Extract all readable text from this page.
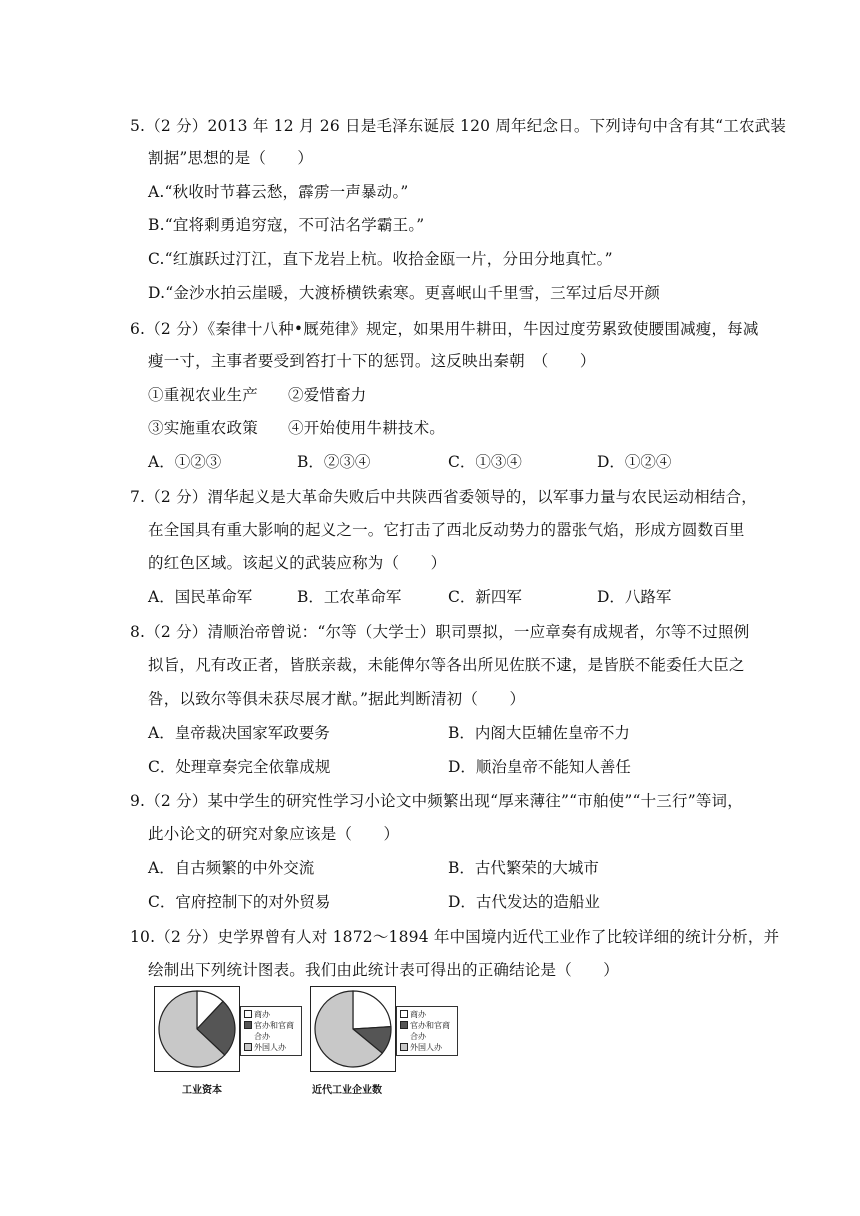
5.（2 分）2013 年 12 月 26 日是毛泽东诞辰 120 周年纪念日。下列诗句中含有其“工农武装
割据”思想的是（　　）
A.“秋收时节暮云愁，霹雳一声暴动。”
B.“宜将剩勇追穷寇，不可沽名学霸王。”
C.“红旗跃过汀江，直下龙岩上杭。收拾金瓯一片，分田分地真忙。”
D.“金沙水拍云崖暖，大渡桥横铁索寒。更喜岷山千里雪，三军过后尽开颜
6.（2 分）《秦律十八种•厩苑律》规定，如果用牛耕田，牛因过度劳累致使腰围减瘦，每减
瘦一寸，主事者要受到笞打十下的惩罚。这反映出秦朝　（　　）
①重视农业生产 ②爱惜畜力
③实施重农政策 ④开始使用牛耕技术。
A．①②③	B．②③④	C．①③④	D．①②④
7.（2 分）渭华起义是大革命失败后中共陕西省委领导的，以军事力量与农民运动相结合，
在全国具有重大影响的起义之一。它打击了西北反动势力的嚣张气焰，形成方圆数百里
的红色区域。该起义的武装应称为（　　）
A．国民革命军	B．工农革命军	C．新四军	D．八路军
8.（2 分）清顺治帝曾说：“尔等（大学士）职司票拟，一应章奏有成规者，尔等不过照例
拟旨，凡有改正者，皆朕亲裁，未能俾尔等各出所见佐朕不逮，是皆朕不能委任大臣之
咎，以致尔等俱未获尽展才猷。”据此判断清初（　　）
A．皇帝裁决国家军政要务	B．内阁大臣辅佐皇帝不力
C．处理章奏完全依靠成规	D．顺治皇帝不能知人善任
9.（2 分）某中学生的研究性学习小论文中频繁出现“厚来薄往”“市舶使”“十三行”等词，
此小论文的研究对象应该是（　　）
A．自古频繁的中外交流	B．古代繁荣的大城市
C．官府控制下的对外贸易	D．古代发达的造船业
10.（2 分）史学界曾有人对 1872～1894 年中国境内近代工业作了比较详细的统计分析，并
绘制出下列统计图表。我们由此统计表可得出的正确结论是（　　）
商办
官办和官商
合办
外国人办
工业资本
商办
官办和官商
合办
外国人办
近代工业企业数
